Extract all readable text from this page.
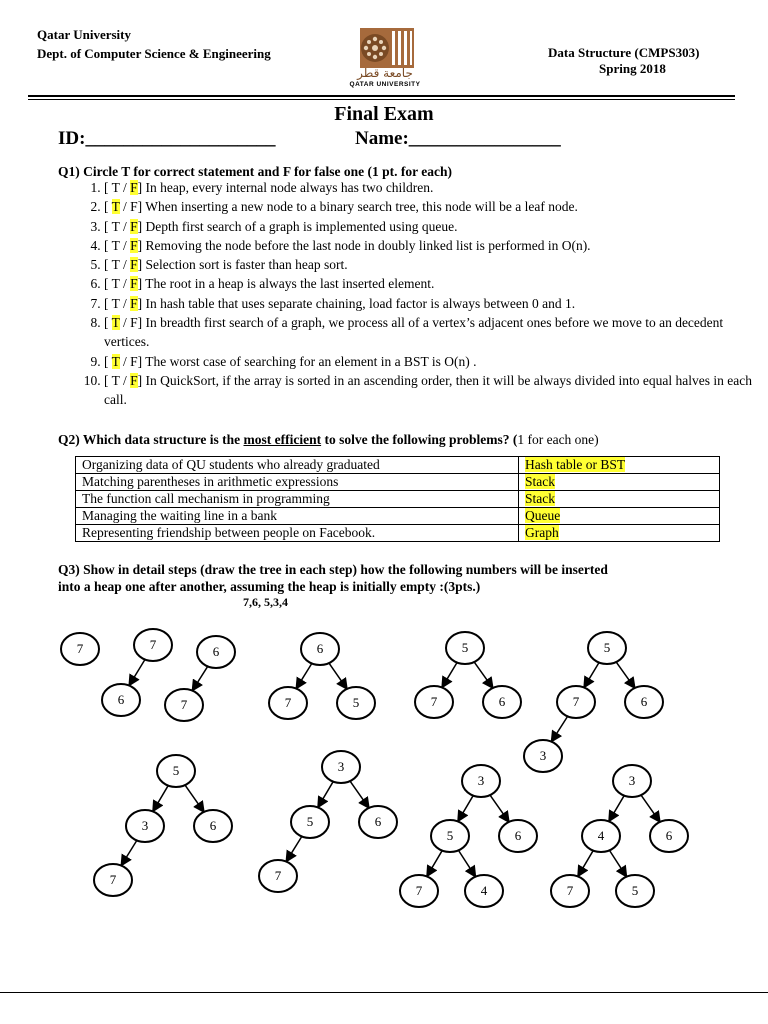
Qatar University
Dept. of Computer Science & Engineering	Data Structure (CMPS303)
Spring 2018
جامعة قطر
QATAR UNIVERSITY
Final Exam
ID:____________________	Name:________________
Q1) Circle T for correct statement and F for false one (1 pt. for each)
1. [ T / F] In heap, every internal node always has two children.
2. [ T / F] When inserting a new node to a binary search tree, this node will be a leaf node.
3. [ T / F] Depth first search of a graph is implemented using queue.
4. [ T / F] Removing the node before the last node in doubly linked list is performed in O(n).
5. [ T / F] Selection sort is faster than heap sort.
6. [ T / F] The root in a heap is always the last inserted element.
7. [ T / F] In hash table that uses separate chaining, load factor is always between 0 and 1.
8. [ T / F] In breadth first search of a graph, we process all of a vertex’s adjacent ones before we move to an decedent vertices.
9. [ T / F] The worst case of searching for an element in a BST is O(n) .
10. [ T / F] In QuickSort, if the array is sorted in an ascending order, then it will be always divided into equal halves in each call.
Q2) Which data structure is the most efficient to solve the following problems? (1 for each one)
Organizing data of QU students who already graduated	Hash table or BST
Matching parentheses in arithmetic expressions	Stack
The function call mechanism in programming	Stack
Managing the waiting line in a bank	Queue
Representing friendship between people on Facebook.	Graph
Q3) Show in detail steps (draw the tree in each step) how the following numbers will be inserted
into a heap one after another, assuming the heap is initially empty :(3pts.)
7,6, 5,3,4
7	7
6
6
7
6
7	5
5
7	6
5
7	6
3
5
3	6
7
3
5	6
7
3
5	6
7	4
3
4	6
7	5
